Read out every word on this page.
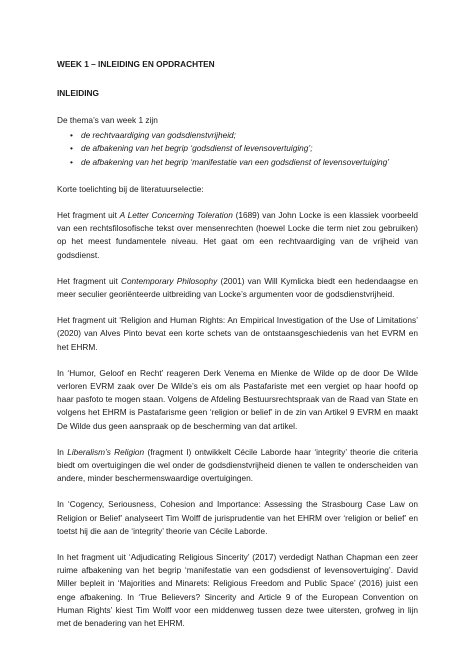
WEEK 1 – INLEIDING EN OPDRACHTEN
INLEIDING

De thema’s van week 1 zijn

• de rechtvaardiging van godsdienstvrijheid;
• de afbakening van het begrip ‘godsdienst of levensovertuiging’;
• de afbakening van het begrip ‘manifestatie van een godsdienst of levensovertuiging’

Korte toelichting bij de literatuurselectie:

Het fragment uit A Letter Concerning Toleration (1689) van John Locke is een klassiek voorbeeld van een rechtsfilosofische tekst over mensenrechten (hoewel Locke die term niet zou gebruiken) op het meest fundamentele niveau. Het gaat om een rechtvaardiging van de vrijheid van godsdienst.

Het fragment uit Contemporary Philosophy (2001) van Will Kymlicka biedt een hedendaagse en meer seculier georiënteerde uitbreiding van Locke’s argumenten voor de godsdienstvrijheid.

Het fragment uit ‘Religion and Human Rights: An Empirical Investigation of the Use of Limitations’ (2020) van Alves Pinto bevat een korte schets van de ontstaansgeschiedenis van het EVRM en het EHRM.

In ‘Humor, Geloof en Recht’ reageren Derk Venema en Mienke de Wilde op de door De Wilde verloren EVRM zaak over De Wilde’s eis om als Pastafariste met een vergiet op haar hoofd op haar pasfoto te mogen staan. Volgens de Afdeling Bestuursrechtspraak van de Raad van State en volgens het EHRM is Pastafarisme geen ‘religion or belief’ in de zin van Artikel 9 EVRM en maakt De Wilde dus geen aanspraak op de bescherming van dat artikel.

In Liberalism’s Religion (fragment I) ontwikkelt Cécile Laborde haar ‘integrity’ theorie die criteria biedt om overtuigingen die wel onder de godsdienstvrijheid dienen te vallen te onderscheiden van andere, minder beschermenswaardige overtuigingen.

In ‘Cogency, Seriousness, Cohesion and Importance: Assessing the Strasbourg Case Law on Religion or Belief’ analyseert Tim Wolff de jurisprudentie van het EHRM over ‘religion or belief’ en toetst hij die aan de ‘integrity’ theorie van Cécile Laborde.

In het fragment uit ‘Adjudicating Religious Sincerity’ (2017) verdedigt Nathan Chapman een zeer ruime afbakening van het begrip ‘manifestatie van een godsdienst of levensovertuiging’. David Miller bepleit in ‘Majorities and Minarets: Religious Freedom and Public Space’ (2016) juist een enge afbakening. In ‘True Believers? Sincerity and Article 9 of the European Convention on Human Rights’ kiest Tim Wolff voor een middenweg tussen deze twee uitersten, grofweg in lijn met de benadering van het EHRM.
